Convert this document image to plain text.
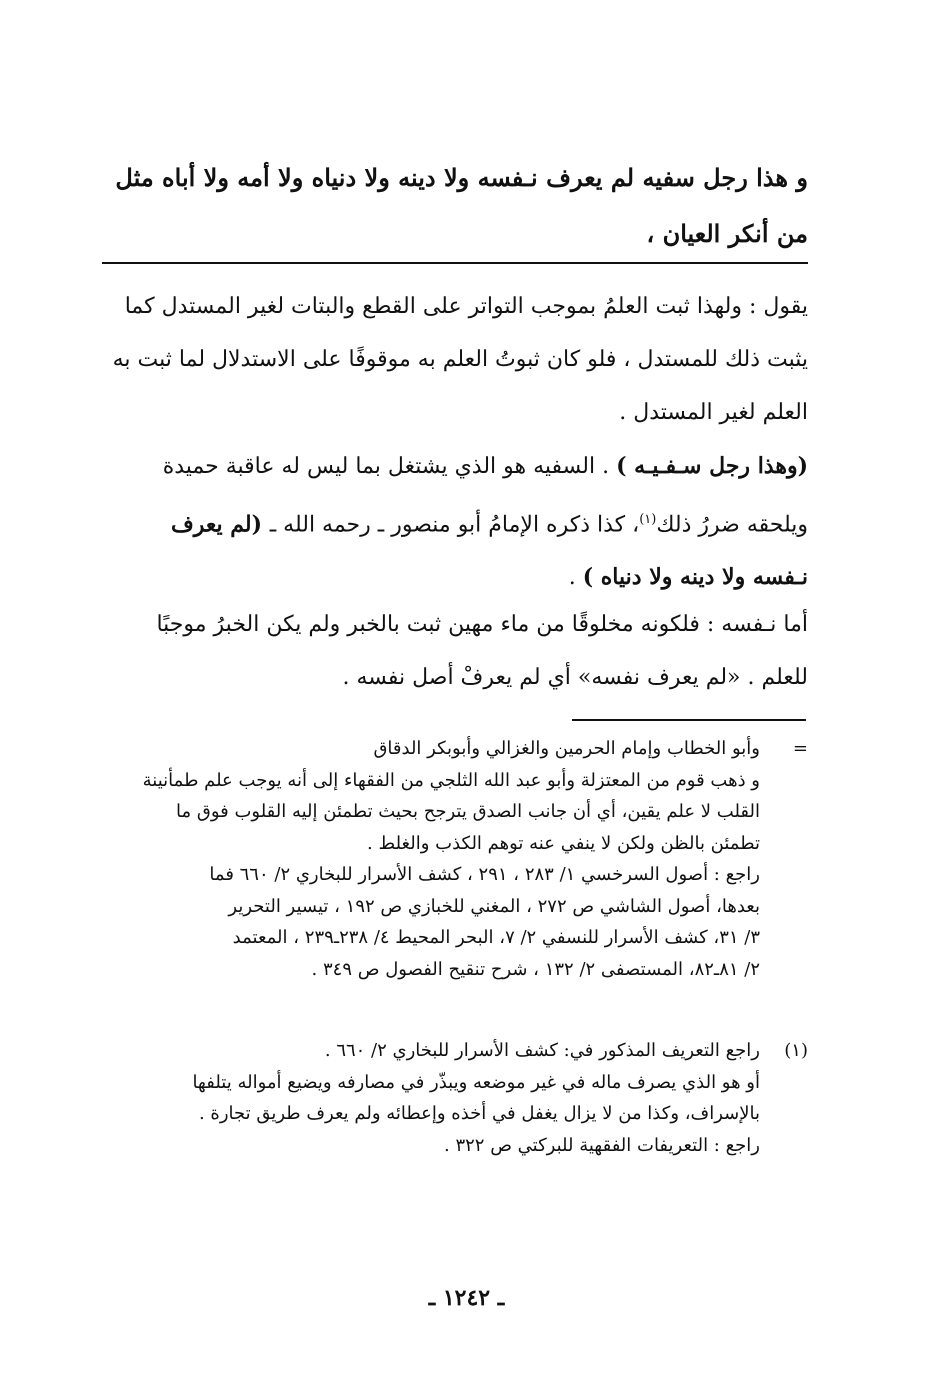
و هذا رجل سفيه لم يعرف نـفسه ولا دينه ولا دنياه ولا أمه ولا أباه مثل
من أنكر العيان ،
يقول : ولهذا ثبت العلمُ بموجب التواتر على القطع والبتات لغير المستدل كما
يثبت ذلك للمستدل ، فلو كان ثبوتُ العلم به موقوفًا على الاستدلال لما ثبت به
العلم لغير المستدل .
(وهذا رجل سـفـيـه ) . السفيه هو الذي يشتغل بما ليس له عاقبة حميدة
ويلحقه ضررُ ذلك$^{(١)}$، كذا ذكره الإمامُ أبو منصور ـ رحمه الله ـ (لم يعرف
نـفسه ولا دينه ولا دنياه ) .
أما نـفسه : فلكونه مخلوقًا من ماء مهين ثبت بالخبر ولم يكن الخبرُ موجبًا
للعلم . «لم يعرف نفسه» أي لم يعرفْ أصل نفسه .
=
وأبو الخطاب وإمام الحرمين والغزالي وأبوبكر الدقاق
و ذهب قوم من المعتزلة وأبو عبد الله الثلجي من الفقهاء إلى أنه يوجب علم طمأنينة
القلب لا علم يقين، أي أن جانب الصدق يترجح بحيث تطمئن إليه القلوب فوق ما
تطمئن بالظن ولكن لا ينفي عنه توهم الكذب والغلط .
راجع : أصول السرخسي ١/ ٢٨٣ ، ٢٩١ ، كشف الأسرار للبخاري ٢/ ٦٦٠ فما
بعدها، أصول الشاشي ص ٢٧٢ ، المغني للخبازي ص ١٩٢ ، تيسير التحرير
٣/ ٣١، كشف الأسرار للنسفي ٢/ ٧، البحر المحيط ٤/ ٢٣٨ـ٢٣٩ ، المعتمد
٢/ ٨١ـ٨٢، المستصفى ٢/ ١٣٢ ، شرح تنقيح الفصول ص ٣٤٩ .
(١)
راجع التعريف المذكور في: كشف الأسرار للبخاري ٢/ ٦٦٠ .
أو هو الذي يصرف ماله في غير موضعه ويبذّر في مصارفه ويضيع أمواله يتلفها
بالإسراف، وكذا من لا يزال يغفل في أخذه وإعطائه ولم يعرف طريق تجارة .
راجع : التعريفات الفقهية للبركتي ص ٣٢٢ .
ـ ١٢٤٢ ـ
